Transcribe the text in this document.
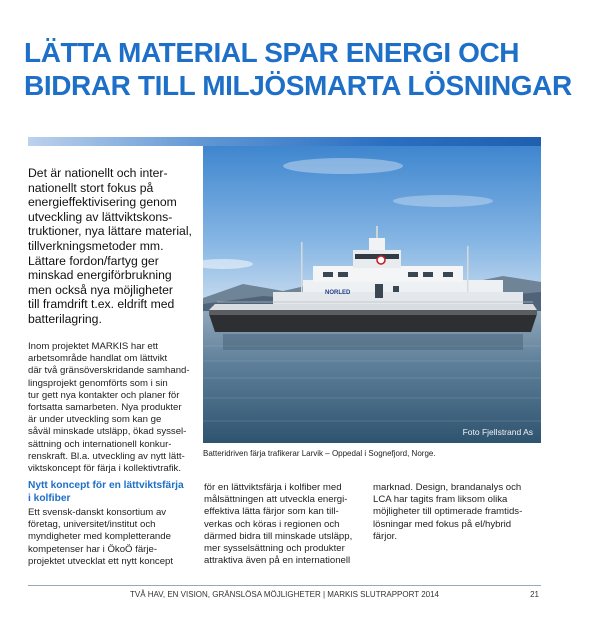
LÄTTA MATERIAL SPAR ENERGI OCH
BIDRAR TILL MILJÖSMARTA LÖSNINGAR
Det är nationellt och inter-
nationellt stort fokus på
energieffektivisering genom
utveckling av lättviktskons-
truktioner, nya lättare material,
tillverkningsmetoder mm.
Lättare fordon/fartyg ger
minskad energiförbrukning
men också nya möjligheter
till framdrift t.ex. eldrift med
batterilagring.
Inom projektet MARKIS har ett
arbetsområde handlat om lättvikt
där två gränsöverskridande samhand-
lingsprojekt genomförts som i sin
tur gett nya kontakter och planer för
fortsatta samarbeten. Nya produkter
är under utveckling som kan ge
såväl minskade utsläpp, ökad syssel-
sättning och internationell konkur-
renskraft. Bl.a. utveckling av nytt lätt-
viktskoncept för färja i kollektivtrafik.
Nytt koncept för en lättviktsfärja
i kolfiber
Ett svensk-danskt konsortium av
företag, universitet/institut och
myndigheter med kompletterande
kompetenser har i ÖkoÖ färje-
projektet utvecklat ett nytt koncept
NORLED
Foto Fjellstrand As
Batteridriven färja trafikerar Larvik – Oppedal i Sognefjord, Norge.
för en lättviktsfärja i kolfiber med
målsättningen att utveckla energi-
effektiva lätta färjor som kan till-
verkas och köras i regionen och
därmed bidra till minskade utsläpp,
mer sysselsättning och produkter
attraktiva även på en internationell
marknad. Design, brandanalys och
LCA har tagits fram liksom olika
möjligheter till optimerade framtids-
lösningar med fokus på el/hybrid
färjor.
TVÅ HAV, EN VISION, GRÄNSLÖSA MÖJLIGHETER | MARKIS SLUTRAPPORT 2014	21
